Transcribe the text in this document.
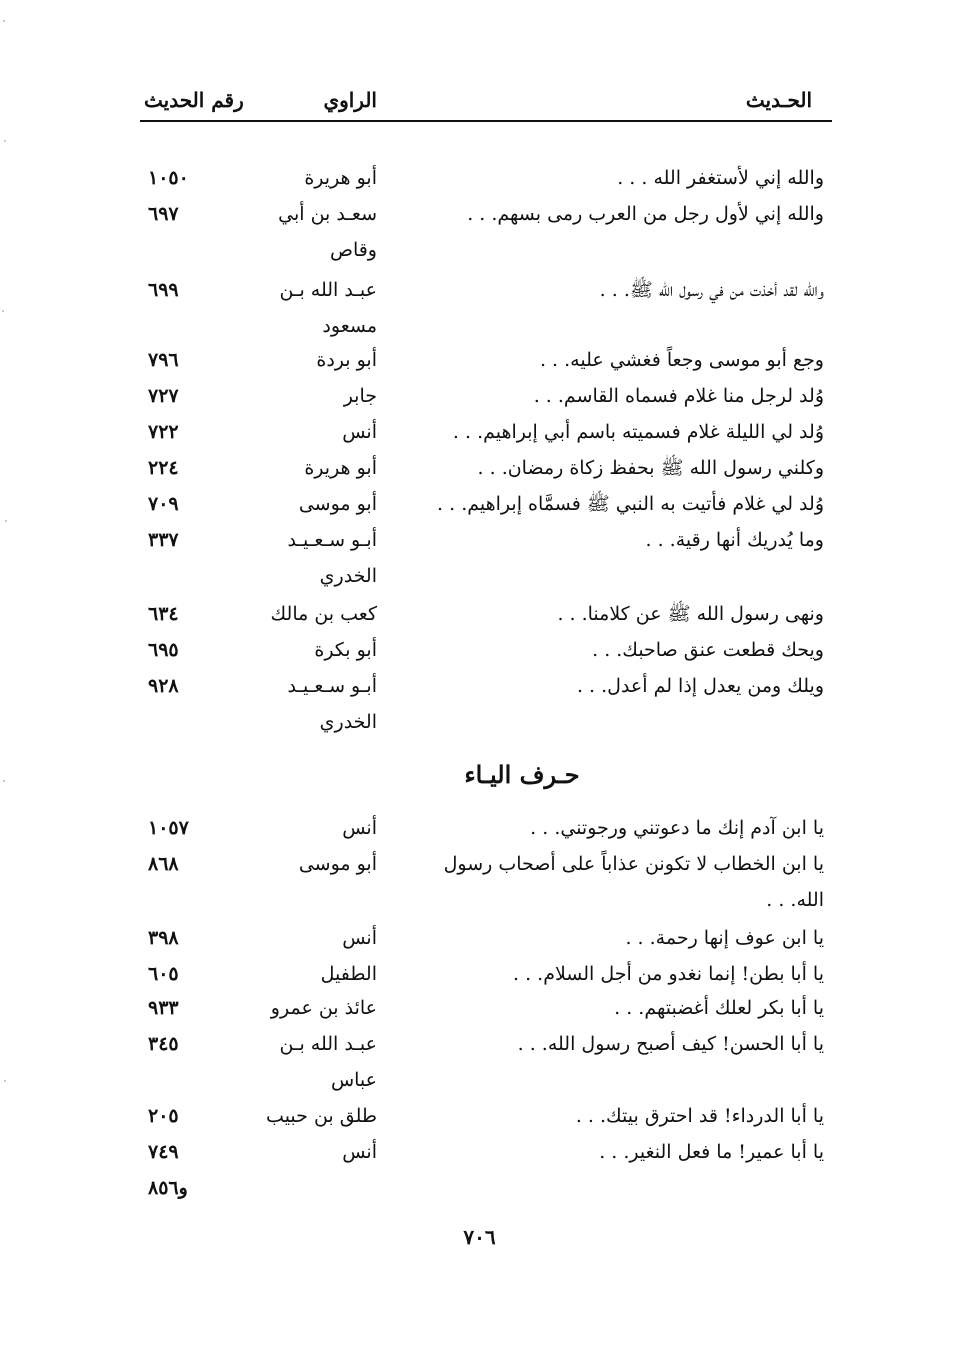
الحـديث
الراوي
رقم الحديث
والله إني لأستغفر الله . . .
أبو هريرة
١٠٥٠
والله إني لأول رجل من العرب رمى بسهم. . .
سعـد بن أبي
٦٩٧
وقاص
والله لقد أخذت من في رسول الله ﷺ. . .
عبـد الله بـن
٦٩٩
مسعود
وجع أبو موسى وجعاً فغشي عليه. . .
أبو بردة
٧٩٦
وُلد لرجل منا غلام فسماه القاسم. . .
جابر
٧٢٧
وُلد لي الليلة غلام فسميته باسم أبي إبراهيم. . .
أنس
٧٢٢
وكلني رسول الله ﷺ بحفظ زكاة رمضان. . .
أبو هريرة
٢٢٤
وُلد لي غلام فأتيت به النبي ﷺ فسمَّاه إبراهيم. . .
أبو موسى
٧٠٩
وما يُدريك أنها رقية. . .
أبـو سـعـيـد
٣٣٧
الخدري
ونهى رسول الله ﷺ عن كلامنا. . .
كعب بن مالك
٦٣٤
ويحك قطعت عنق صاحبك. . .
أبو بكرة
٦٩٥
ويلك ومن يعدل إذا لم أعدل. . .
أبـو سـعـيـد
٩٢٨
الخدري
حـرف اليـاء
يا ابن آدم إنك ما دعوتني ورجوتني. . .
أنس
١٠٥٧
يا ابن الخطاب لا تكونن عذاباً على أصحاب رسول
أبو موسى
٨٦٨
الله. . .
يا ابن عوف إنها رحمة. . .
أنس
٣٩٨
يا أبا بطن! إنما نغدو من أجل السلام. . .
الطفيل
٦٠٥
يا أبا بكر لعلك أغضبتهم. . .
عائذ بن عمرو
٩٣٣
يا أبا الحسن! كيف أصبح رسول الله. . .
عبـد الله بـن
٣٤٥
عباس
يا أبا الدرداء! قد احترق بيتك. . .
طلق بن حبيب
٢٠٥
يا أبا عمير! ما فعل النغير. . .
أنس
٧٤٩
و٨٥٦
٧٠٦
